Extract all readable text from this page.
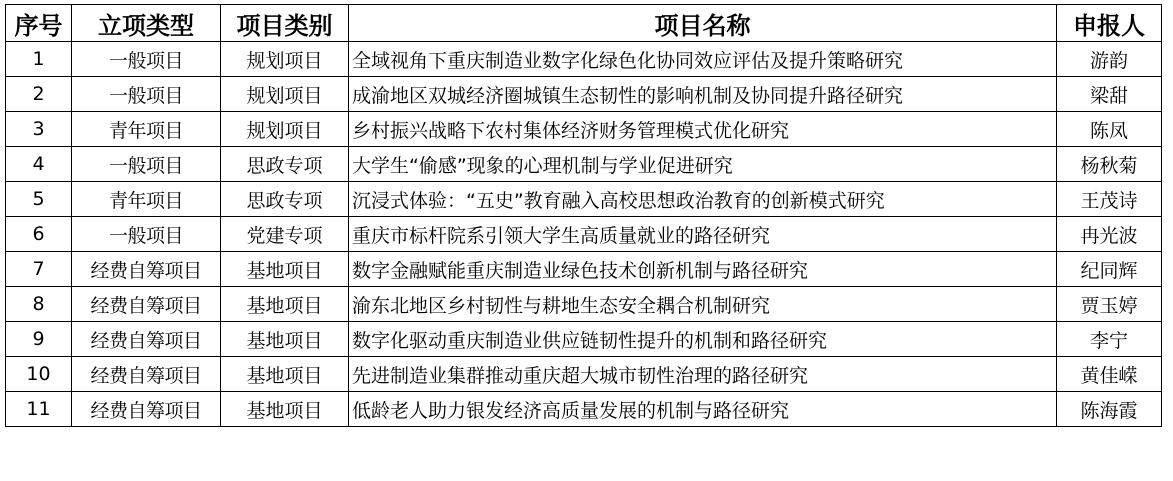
序号	立项类型	项目类别	项目名称	申报人
1	一般项目	规划项目	全域视角下重庆制造业数字化绿色化协同效应评估及提升策略研究	游韵
2	一般项目	规划项目	成渝地区双城经济圈城镇生态韧性的影响机制及协同提升路径研究	梁甜
3	青年项目	规划项目	乡村振兴战略下农村集体经济财务管理模式优化研究	陈凤
4	一般项目	思政专项	大学生“偷感”现象的心理机制与学业促进研究	杨秋菊
5	青年项目	思政专项	沉浸式体验：“五史”教育融入高校思想政治教育的创新模式研究	王茂诗
6	一般项目	党建专项	重庆市标杆院系引领大学生高质量就业的路径研究	冉光波
7	经费自筹项目	基地项目	数字金融赋能重庆制造业绿色技术创新机制与路径研究	纪同辉
8	经费自筹项目	基地项目	渝东北地区乡村韧性与耕地生态安全耦合机制研究	贾玉婷
9	经费自筹项目	基地项目	数字化驱动重庆制造业供应链韧性提升的机制和路径研究	李宁
10	经费自筹项目	基地项目	先进制造业集群推动重庆超大城市韧性治理的路径研究	黄佳嵘
11	经费自筹项目	基地项目	低龄老人助力银发经济高质量发展的机制与路径研究	陈海霞
